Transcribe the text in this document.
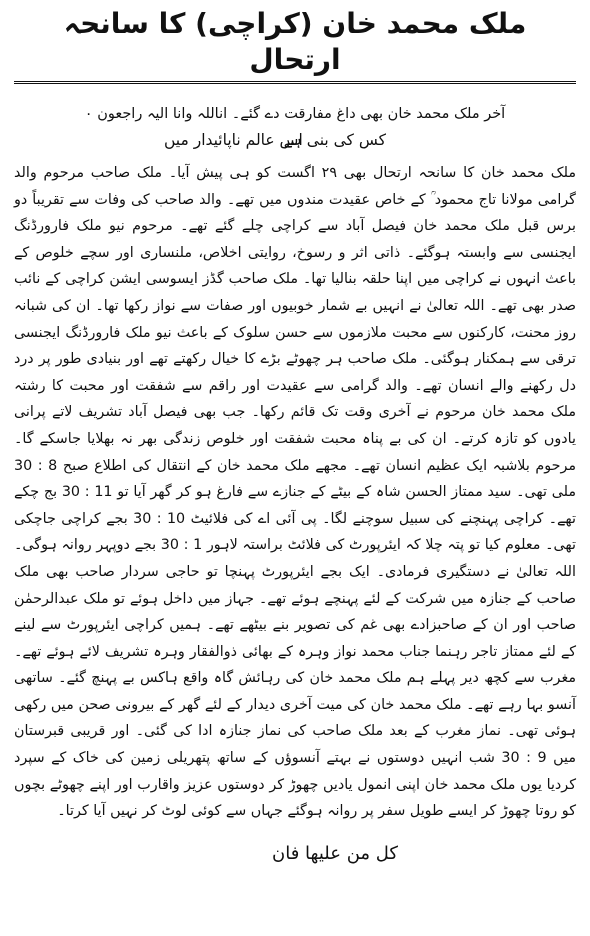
ملک محمد خان (کراچی) کا سانحہ ارتحال

آخر ملک محمد خان بھی داغ مفارقت دے گئے۔ اناللہ وانا الیہ راجعون ۰

کس کی بنی ہے
اس عالم ناپائیدار میں

ملک محمد خان کا سانحہ ارتحال بھی ۲۹ اگست کو ہی پیش آیا۔ ملک صاحب مرحوم والد گرامی مولانا تاج محمود ؒ کے خاص عقیدت مندوں میں تھے۔ والد صاحب کی وفات سے تقریباً دو برس قبل ملک محمد خان فیصل آباد سے کراچی چلے گئے تھے۔ مرحوم نیو ملک فارورڈنگ ایجنسی سے وابستہ ہوگئے۔ ذاتی اثر و رسوخ، روایتی اخلاص، ملنساری اور سچے خلوص کے باعث انہوں نے کراچی میں اپنا حلقہ بنالیا تھا۔ ملک صاحب گڈز ایسوسی ایشن کراچی کے نائب صدر بھی تھے۔ اللہ تعالیٰ نے انہیں بے شمار خوبیوں اور صفات سے نواز رکھا تھا۔ ان کی شبانہ روز محنت، کارکنوں سے محبت ملازموں سے حسن سلوک کے باعث نیو ملک فارورڈنگ ایجنسی ترقی سے ہمکنار ہوگئی۔ ملک صاحب ہر چھوٹے بڑے کا خیال رکھتے تھے اور بنیادی طور پر درد دل رکھنے والے انسان تھے۔ والد گرامی سے عقیدت اور راقم سے شفقت اور محبت کا رشتہ ملک محمد خان مرحوم نے آخری وقت تک قائم رکھا۔ جب بھی فیصل آباد تشریف لاتے پرانی یادوں کو تازہ کرتے۔ ان کی بے پناہ محبت شفقت اور خلوص زندگی بھر نہ بھلایا جاسکے گا۔ مرحوم بلاشبہ ایک عظیم انسان تھے۔ مجھے ملک محمد خان کے انتقال کی اطلاع صبح 8 : 30 ملی تھی۔ سید ممتاز الحسن شاہ کے بیٹے کے جنازے سے فارغ ہو کر گھر آیا تو 11 : 30 بج چکے تھے۔ کراچی پہنچنے کی سبیل سوچنے لگا۔ پی آئی اے کی فلائیٹ 10 : 30 بجے کراچی جاچکی تھی۔ معلوم کیا تو پتہ چلا کہ ایئرپورٹ کی فلائٹ براستہ لاہور 1 : 30 بجے دوپہر روانہ ہوگی۔ اللہ تعالیٰ نے دستگیری فرمادی۔ ایک بجے ایئرپورٹ پہنچا تو حاجی سردار صاحب بھی ملک صاحب کے جنازہ میں شرکت کے لئے پہنچے ہوئے تھے۔ جہاز میں داخل ہوئے تو ملک عبدالرحمٰن صاحب اور ان کے صاحبزادے بھی غم کی تصویر بنے بیٹھے تھے۔ ہمیں کراچی ایئرپورٹ سے لینے کے لئے ممتاز تاجر رہنما جناب محمد نواز وہرہ کے بھائی ذوالفقار وہرہ تشریف لائے ہوئے تھے۔ مغرب سے کچھ دیر پہلے ہم ملک محمد خان کی رہائش گاہ واقع ہاکس بے پہنچ گئے۔ ساتھی آنسو بہا رہے تھے۔ ملک محمد خان کی میت آخری دیدار کے لئے گھر کے بیرونی صحن میں رکھی ہوئی تھی۔ نماز مغرب کے بعد ملک صاحب کی نماز جنازہ ادا کی گئی۔ اور قریبی قبرستان میں 9 : 30 شب انہیں دوستوں نے بہتے آنسوؤں کے ساتھ پتھریلی زمین کی خاک کے سپرد کردیا یوں ملک محمد خان اپنی انمول یادیں چھوڑ کر دوستوں عزیز واقارب اور اپنے چھوٹے بچوں کو روتا چھوڑ کر ایسے طویل سفر پر روانہ ہوگئے جہاں سے کوئی لوٹ کر نہیں آیا کرتا۔

کل من علیھا فان
